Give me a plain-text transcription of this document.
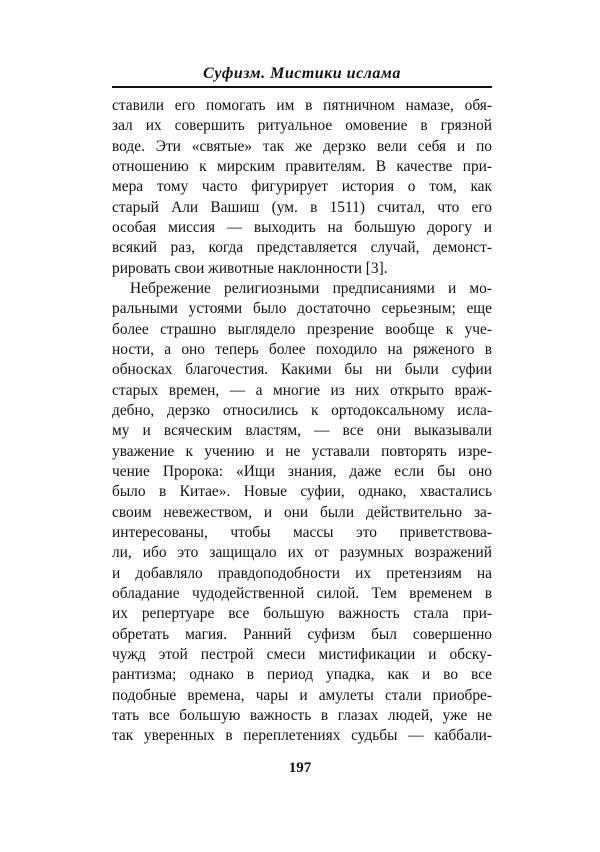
Суфизм. Мистики ислама
ставили его помогать им в пятничном намазе, обя-
зал их совершить ритуальное омовение в грязной
воде. Эти «святые» так же дерзко вели себя и по
отношению к мирским правителям. В качестве при-
мера тому часто фигурирует история о том, как
старый Али Вашиш (ум. в 1511) считал, что его
особая миссия — выходить на большую дорогу и
всякий раз, когда представляется случай, демонст-
рировать свои животные наклонности [3].
Небрежение религиозными предписаниями и мо-
ральными устоями было достаточно серьезным; еще
более страшно выглядело презрение вообще к уче-
ности, а оно теперь более походило на ряженого в
обносках благочестия. Какими бы ни были суфии
старых времен, — а многие из них открыто враж-
дебно, дерзко относились к ортодоксальному исла-
му и всяческим властям, — все они выказывали
уважение к учению и не уставали повторять изре-
чение Пророка: «Ищи знания, даже если бы оно
было в Китае». Новые суфии, однако, хвастались
своим невежеством, и они были действительно за-
интересованы, чтобы массы это приветствова-
ли, ибо это защищало их от разумных возражений
и добавляло правдоподобности их претензиям на
обладание чудодейственной силой. Тем временем в
их репертуаре все большую важность стала при-
обретать магия. Ранний суфизм был совершенно
чужд этой пестрой смеси мистификации и обску-
рантизма; однако в период упадка, как и во все
подобные времена, чары и амулеты стали приобре-
тать все большую важность в глазах людей, уже не
так уверенных в переплетениях судьбы — каббали-
197
